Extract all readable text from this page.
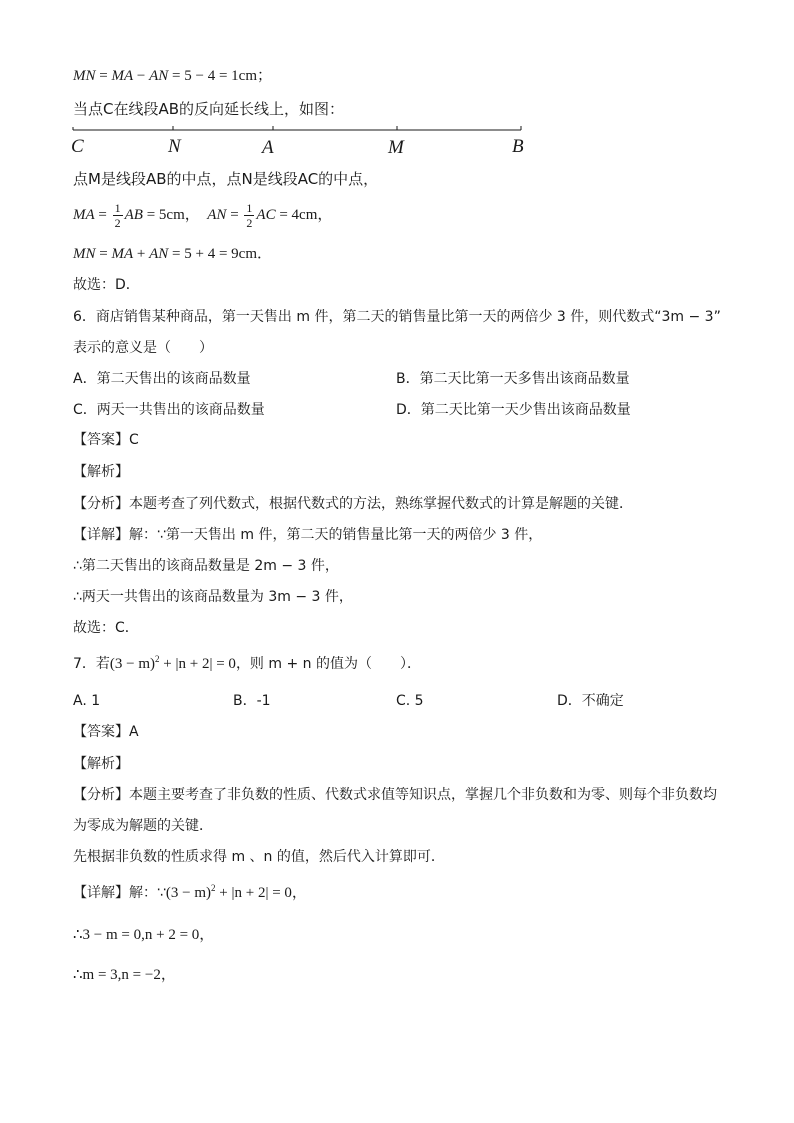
MN = MA − AN = 5 − 4 = 1cm；
当点C在线段AB的反向延长线上，如图：
C	N	A	M	B
点M是线段AB的中点，点N是线段AC的中点，
MA = $\frac{1}{2}$ AB = 5cm， AN = $\frac{1}{2}$ AC = 4cm，
MN = MA + AN = 5 + 4 = 9cm．
故选：D．
6．商店销售某种商品，第一天售出 m 件，第二天的销售量比第一天的两倍少 3 件，则代数式“3m − 3”
表示的意义是（　　）
A．第二天售出的该商品数量	B．第二天比第一天多售出该商品数量
C．两天一共售出的该商品数量	D．第二天比第一天少售出该商品数量
【答案】C
【解析】
【分析】本题考查了列代数式，根据代数式的方法，熟练掌握代数式的计算是解题的关键．
【详解】解：∵第一天售出 m 件，第二天的销售量比第一天的两倍少 3 件，
∴第二天售出的该商品数量是 2m − 3 件，
∴两天一共售出的该商品数量为 3m − 3 件，
故选：C．
7．若$(3 - m)^2 + |n + 2| = 0$，则 m + n 的值为（　　）．
A. 1	B．-1	C. 5	D．不确定
【答案】A
【解析】
【分析】本题主要考查了非负数的性质、代数式求值等知识点，掌握几个非负数和为零、则每个非负数均
为零成为解题的关键．
先根据非负数的性质求得 m 、n 的值，然后代入计算即可．
【详解】解：∵(3 − m)$^2$ + |n + 2| = 0，
∴3 − m = 0,n + 2 = 0，
∴m = 3,n = −2，
